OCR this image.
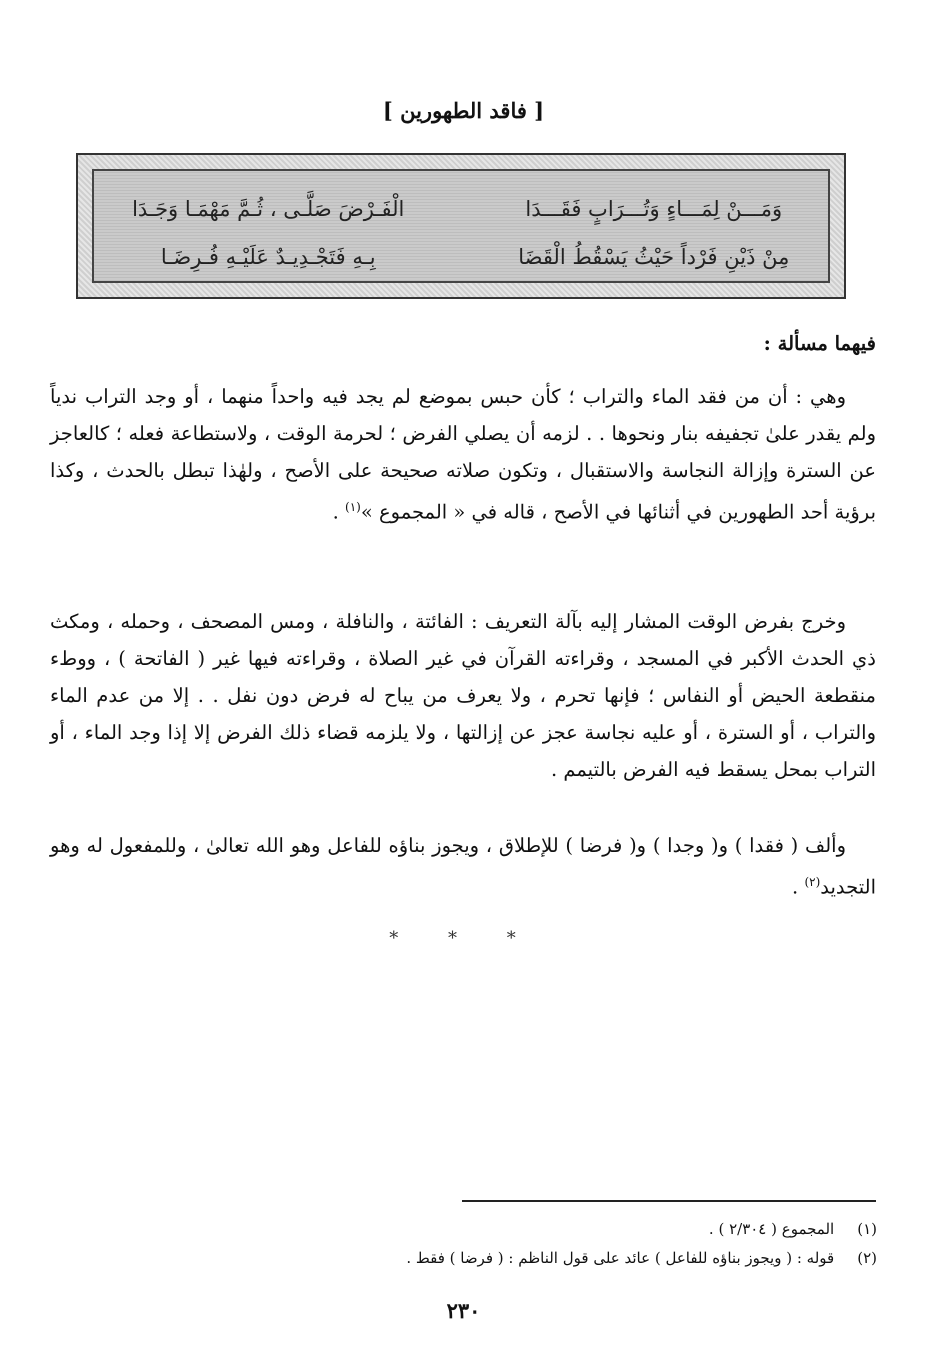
[ فاقد الطهورين ]
وَمَـــنْ لِمَـــاءٍ وَتُـــرَابٍ فَقَـــدَا
الْفَـرْضَ صَلَّـى ، ثُـمَّ مَهْمَـا وَجَـدَا
مِنْ ذَيْنِ فَرْداً حَيْثُ يَسْقُطُ الْقَضَا
بِـهِ فَتَجْـدِيـدٌ عَلَيْـهِ فُـرِضَـا
فيهما مسألة :
وهي : أن من فقد الماء والتراب ؛ كأن حبس بموضع لم يجد فيه واحداً منهما ، أو وجد التراب ندياً ولم يقدر علىٰ تجفيفه بنار ونحوها . . لزمه أن يصلي الفرض ؛ لحرمة الوقت ، ولاستطاعة فعله ؛ كالعاجز عن السترة وإزالة النجاسة والاستقبال ، وتكون صلاته صحيحة على الأصح ، ولهٰذا تبطل بالحدث ، وكذا برؤية أحد الطهورين في أثنائها في الأصح ، قاله في « المجموع »$^{(١)}$ .
وخرج بفرض الوقت المشار إليه بآلة التعريف : الفائتة ، والنافلة ، ومس المصحف ، وحمله ، ومكث ذي الحدث الأكبر في المسجد ، وقراءته القرآن في غير الصلاة ، وقراءته فيها غير ( الفاتحة ) ، ووطء منقطعة الحيض أو النفاس ؛ فإنها تحرم ، ولا يعرف من يباح له فرض دون نفل . . إلا من عدم الماء والتراب ، أو السترة ، أو عليه نجاسة عجز عن إزالتها ، ولا يلزمه قضاء ذلك الفرض إلا إذا وجد الماء ، أو التراب بمحل يسقط فيه الفرض بالتيمم .
وألف ( فقدا ) و( وجدا ) و( فرضا ) للإطلاق ، ويجوز بناؤه للفاعل وهو الله تعالىٰ ، وللمفعول له وهو التجديد$^{(٢)}$ .
* * *
(١) المجموع ( ٢/٣٠٤ ) .
(٢) قوله : ( ويجوز بناؤه للفاعل ) عائد على قول الناظم : ( فرضا ) فقط .
٢٣٠
